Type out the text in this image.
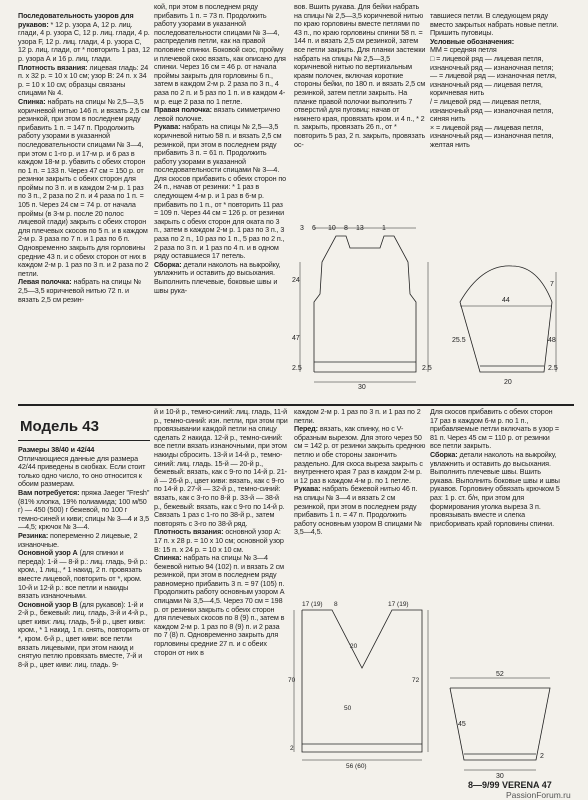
Последовательность узоров для рукавов: * 12 р. узора А, 12 р. лиц. глади, 4 р. узора С, 12 р. лиц. глади, 4 р. узора F, 12 р. лиц. глади, 4 р. узора С, 12 р. лиц. глади, от * повторить 1 раз, 12 р. узора А и 16 р. лиц. глади.

Плотность вязания: лицевая гладь: 24 п. х 32 р. = 10 х 10 см; узор В: 24 п. х 34 р. = 10 х 10 см; образцы связаны спицами № 4.

Спинка: набрать на спицы № 2,5—3,5 коричневой нитью 146 п. и вязать 2,5 см резинкой, при этом в последнем ряду прибавить 1 п. = 147 п. Продолжить работу узорами в указанной последовательности спицами № 3—4, при этом с 1-го р. и 17-м р. и 6 раз в каждом 18-м р. убавить с обеих сторон по 1 п. = 133 п. Через 47 см = 150 р. от резинки закрыть с обеих сторон для проймы по 3 п. и в каждом 2-м р. 1 раз по 3 п., 2 раза по 2 п. и 4 раза по 1 п. = 105 п. Через 24 см = 74 р. от начала проймы (в 3-м р. после 20 полос лицевой глади) закрыть с обеих сторон для плечевых скосов по 5 п. и в каждом 2-м р. 3 раза по 7 п. и 1 раз по 6 п. Одновременно закрыть для горловины средние 43 п. и с обеих сторон от них в каждом 2-м р. 1 раз по 3 п. и 2 раза по 2 петли.

Левая полочка: набрать на спицы № 2,5—3,5 коричневой нитью 72 п. и вязать 2,5 см резин-

кой, при этом в последнем ряду прибавить 1 п. = 73 п. Продолжить работу узорами в указанной последовательности спицами № 3—4, распределив петли, как на правой половине спинки. Боковой скос, пройму и плечевой скос вязать, как описано для спинки. Через 16 см = 46 р. от начала проймы закрыть для горловины 6 п., затем в каждом 2-м р. 2 раза по 3 п., 4 раза по 2 п. и 5 раз по 1 п. и в каждом 4-м р. еще 2 раза по 1 петле.

Правая полочка: вязать симметрично левой полочке.

Рукава: набрать на спицы № 2,5—3,5 коричневой нитью 58 п. и вязать 2,5 см резинкой, при этом в последнем ряду прибавить 3 п. = 61 п. Продолжить работу узорами в указанной последовательности спицами № 3—4. Для скосов прибавить с обеих сторон по 24 п., начав от резинки: * 1 раз в следующем 4-м р. и 1 раз в 6-м р. прибавить по 1 п., от * повторить 11 раз = 109 п. Через 44 см = 126 р. от резинки закрыть с обеих сторон для оката по 3 п., затем в каждом 2-м р. 1 раз по 3 п., 3 раза по 2 п., 10 раз по 1 п., 5 раз по 2 п., 2 раза по 3 п. и 1 раз по 4 п. и в одном ряду оставшиеся 17 петель.

Сборка: детали наколоть на выкройку, увлажнить и оставить до высыхания. Выполнить плечевые, боковые швы и швы рука-

вов. Вшить рукава. Для бейки набрать на спицы № 2,5—3,5 коричневой нитью по краю горловины вместе петлями по 43 п., по краю горловины спинки 58 п. = 144 п. и вязать 2,5 см резинкой, затем все петли закрыть. Для планки застежки набрать на спицы № 2,5—3,5 коричневой нитью по вертикальным краям полочек, включая короткие стороны бейки, по 180 п. и вязать 2,5 см резинкой, затем петли закрыть. На планке правой полочки выполнить 7 отверстий для пуговиц: начав от нижнего края, провязать кром. и 4 п., * 2 п. закрыть, провязать 26 п., от * повторить 5 раз, 2 п. закрыть, провязать ос-

тавшиеся петли. В следующем ряду вместо закрытых набрать новые петли. Пришить пуговицы.

Условные обозначения:

MM = средняя петля

□ = лицевой ряд — лицевая петля, изнаночный ряд — изнаночная петля;

— = лицевой ряд — изнаночная петля, изнаночный ряд — лицевая петля, коричневая нить

/ = лицевой ряд — лицевая петля, изнаночный ряд — изнаночная петля, синяя нить

× = лицевой ряд — лицевая петля, изнаночный ряд — изнаночная петля, желтая нить

3 6 10 8 13	1
24
47
2.5
30
2.5
44
7
48
20
25.5
2.5
Модель 43

Размеры 38/40 и 42/44

Отличающиеся данные для размера 42/44 приведены в скобках. Если стоит только одно число, то оно относится к обоим размерам.

Вам потребуется: пряжа Jaeger "Fresh" (81% хлопка, 19% полиамида; 100 м/50 г) — 450 (500) г бежевой, по 100 г темно-синей и киви; спицы № 3—4 и 3,5—4,5; крючок № 3—4.

Резинка: попеременно 2 лицевые, 2 изнаночные.

Основной узор А (для спинки и переда): 1-й — 8-й р.: лиц. гладь, 9-й р.: кром., 1 лиц., * 1 накид, 2 п. провязать вместе лицевой, повторить от *, кром. 10-й и 12-й р.: все петли и накиды вязать изнаночными.

Основной узор В (для рукавов): 1-й и 2-й р., бежевый: лиц. гладь, 3-й и 4-й р., цвет киви: лиц. гладь, 5-й р., цвет киви: кром., * 1 накид, 1 п. снять, повторить от *, кром. 6-й р., цвет киви: все петли вязать лицевыми, при этом накид и снятую петлю провязать вместе, 7-й и 8-й р., цвет киви: лиц. гладь. 9-

й и 10-й р., темно-синий: лиц. гладь, 11-й р., темно-синий: изн. петли, при этом при провязывании каждой петли на спицу сделать 2 накида. 12-й р., темно-синий: все петли вязать изнаночными, при этом накиды сбросить. 13-й и 14-й р., темно-синий: лиц. гладь. 15-й — 20-й р., бежевый: вязать, как с 9-го по 14-й р. 21-й — 26-й р., цвет киви: вязать, как с 9-го по 14-й р. 27-й — 32-й р., темно-синий: вязать, как с 3-го по 8-й р. 33-й — 38-й р., бежевый: вязать, как с 9-го по 14-й р. Связать 1 раз с 1-го по 38-й р., затем повторять с 3-го по 38-й ряд.

Плотность вязания: основной узор А: 17 п. х 28 р. = 10 х 10 см; основной узор В: 15 п. х 24 р. = 10 х 10 см.

Спинка: набрать на спицы № 3—4 бежевой нитью 94 (102) п. и вязать 2 см резинкой, при этом в последнем ряду равномерно прибавить 3 п. = 97 (105) п. Продолжить работу основным узором А спицами № 3,5—4,5. Через 70 см = 198 р. от резинки закрыть с обеих сторон для плечевых скосов по 8 (9) п., затем в каждом 2-м р. 1 раз по 8 (9) п. и 2 раза по 7 (8) п. Одновременно закрыть для горловины средние 27 п. и с обеих сторон от них в

каждом 2-м р. 1 раз по 3 п. и 1 раз по 2 петли.

Перед: вязать, как спинку, но с V-образным вырезом. Для этого через 50 см = 142 р. от резинки закрыть среднюю петлю и обе стороны закончить раздельно. Для скоса выреза закрыть с внутреннего края 7 раз в каждом 2-м р. и 12 раз в каждом 4-м р. по 1 петле.

Рукава: набрать бежевой нитью 46 п. на спицы № 3—4 и вязать 2 см резинкой, при этом в последнем ряду прибавить 1 п. = 47 п. Продолжить работу основным узором В спицами № 3,5—4,5.

Для скосов прибавить с обеих сторон 17 раз в каждом 6-м р. по 1 п., прибавляемые петли включать в узор = 81 п. Через 45 см = 110 р. от резинки все петли закрыть.

Сборка: детали наколоть на выкройку, увлажнить и оставить до высыхания. Выполнить плечевые швы. Вшить рукава. Выполнить боковые швы и швы рукавов. Горловину обвязать крючком 5 раз: 1 р. ст. б/н, при этом для формирования уголка выреза 3 п. провязывать вместе и слегка присборивать край горловины спинки.

17 (19) 8	17 (19)
20
50
72
70
2
56 (60)
52
45
2
30
8—9/99 VERENA 47
PassionForum.ru
